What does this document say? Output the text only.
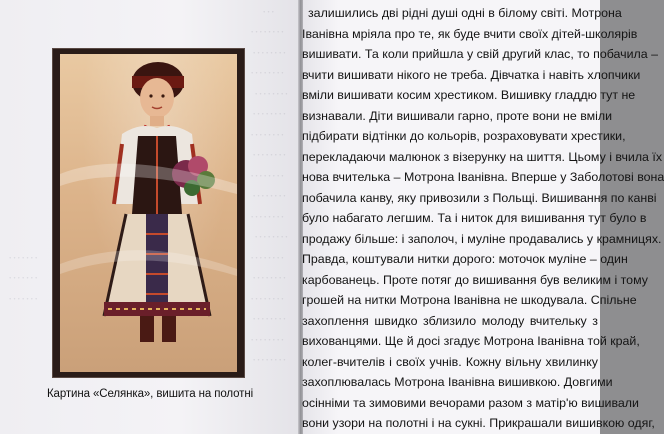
···
········
········
········
········
········
········
········
········
········
········
········
········
········
········
········
········
········
·······
·······
·······
Картина «Селянка», вишита на полотні
залишились дві рідні душі одні в білому світі. Мотрона
Іванівна мріяла про те, як буде вчити своїх дітей-школярів
вишивати. Та коли прийшла у свій другий клас, то побачила –
вчити вишивати нікого не треба. Дівчатка і навіть хлопчики
вміли вишивати косим хрестиком. Вишивку гладдю тут не
визнавали. Діти вишивали гарно, проте вони не вміли
підбирати відтінки до кольорів, розраховувати хрестики,
перекладаючи малюнок з візерунку на шиття. Цьому і вчила їх
нова вчителька – Мотрона Іванівна. Вперше у Заболотові вона
побачила канву, яку привозили з Польщі. Вишивання по канві
було набагато легшим. Та і ниток для вишивання тут було в
продажу більше: і заполоч, і муліне продавались у крамницях.
Правда, коштували нитки дорого: моточок муліне – один
карбованець. Проте потяг до вишивання був великим і тому
грошей на нитки Мотрона Іванівна не шкодувала. Спільне
захоплення швидко зблизило молоду вчительку з
вихованцями. Ще й досі згадує Мотрона Іванівна той край,
колег-вчителів і своїх учнів. Кожну вільну хвилинку
захоплювалась Мотрона Іванівна вишивкою. Довгими
осінніми та зимовими вечорами разом з матір'ю вишивали
вони узори на полотні і на сукні. Прикрашали вишивкою одяг,
